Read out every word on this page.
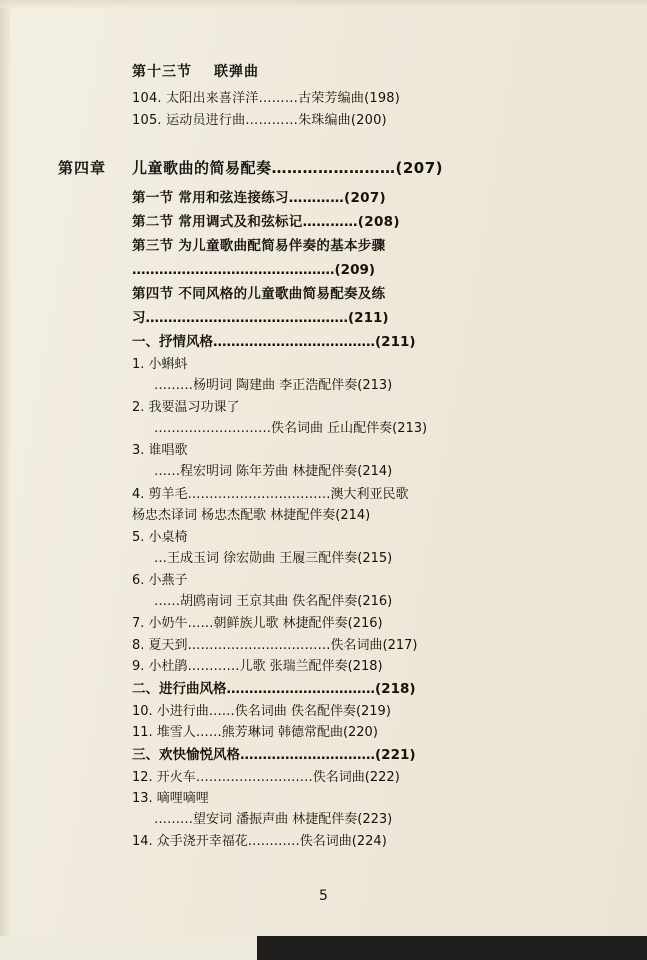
第十三节 联弹曲
104. 太阳出来喜洋洋………古荣芳编曲(198)
105. 运动员进行曲…………朱珠编曲(200)
第四章	儿童歌曲的简易配奏……………………(207)
第一节 常用和弦连接练习…………(207)
第二节 常用调式及和弦标记…………(208)
第三节 为儿童歌曲配简易伴奏的基本步骤
………………………………………(209)
第四节 不同风格的儿童歌曲简易配奏及练
习………………………………………(211)
一、抒情风格………………………………(211)
1. 小蝌蚪
………杨明词 陶建曲 李正浩配伴奏(213)
2. 我要温习功课了
………………………佚名词曲 丘山配伴奏(213)
3. 谁唱歌
……程宏明词 陈年芳曲 林捷配伴奏(214)
4. 剪羊毛……………………………澳大利亚民歌
杨忠杰译词 杨忠杰配歌 林捷配伴奏(214)
5. 小桌椅
…王成玉词 徐宏勋曲 王履三配伴奏(215)
6. 小燕子
……胡鸥南词 王京其曲 佚名配伴奏(216)
7. 小奶牛……朝鲜族儿歌 林捷配伴奏(216)
8. 夏天到……………………………佚名词曲(217)
9. 小杜鹃…………儿歌 张瑞兰配伴奏(218)
二、进行曲风格……………………………(218)
10. 小进行曲……佚名词曲 佚名配伴奏(219)
11. 堆雪人……熊芳琳词 韩德常配曲(220)
三、欢快愉悦风格…………………………(221)
12. 开火车………………………佚名词曲(222)
13. 嘀哩嘀哩
………望安词 潘振声曲 林捷配伴奏(223)
14. 众手浇开幸福花…………佚名词曲(224)
5
